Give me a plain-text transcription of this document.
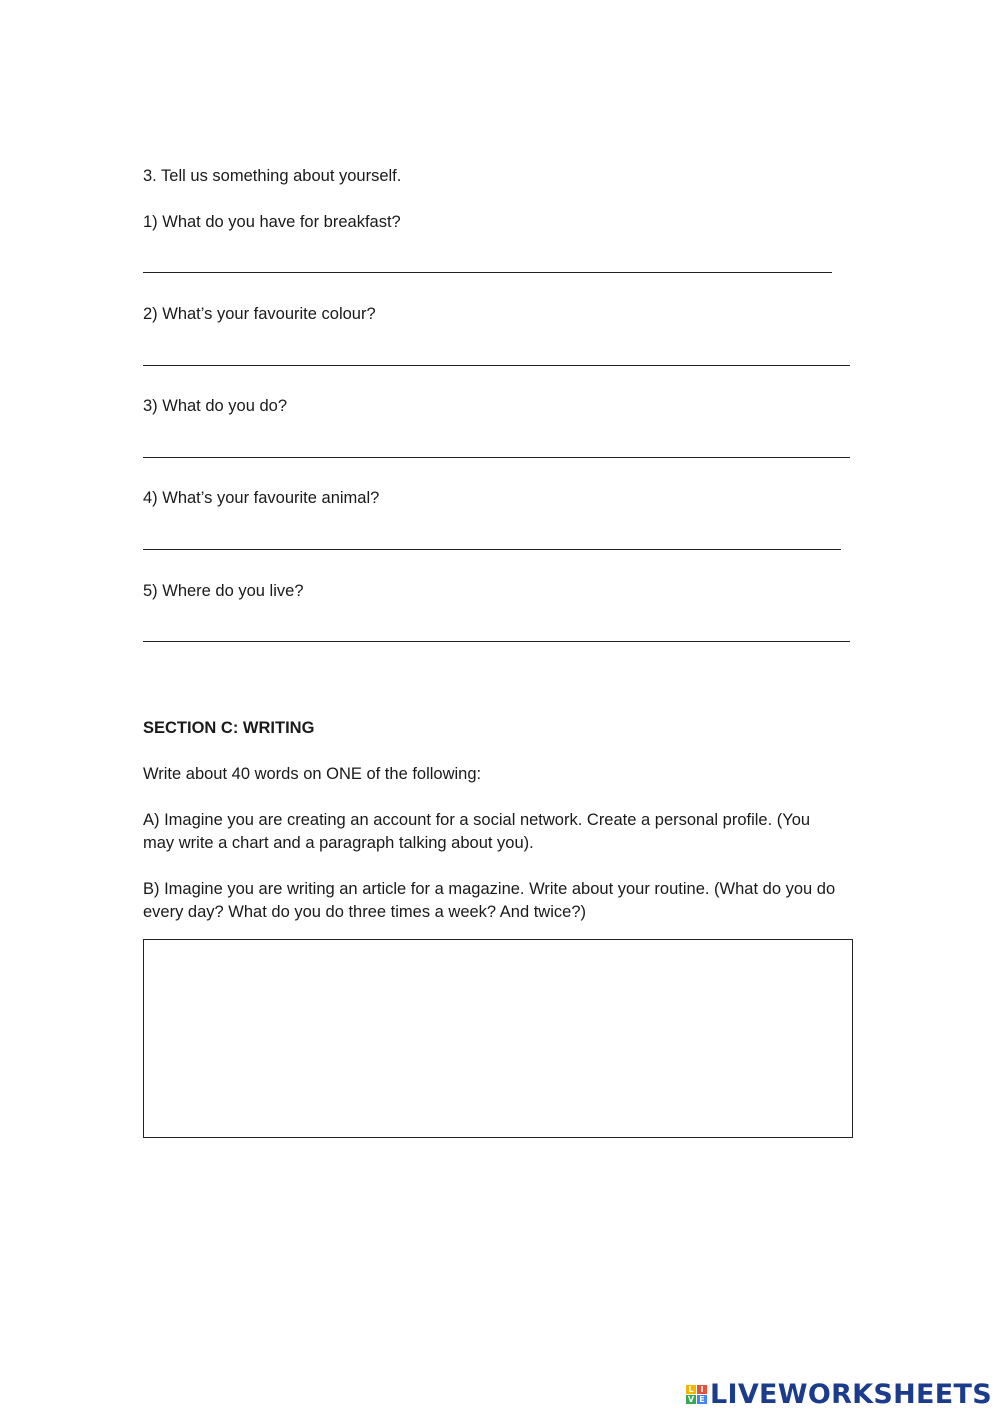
3. Tell us something about yourself.
1) What do you have for breakfast?
2) What’s your favourite colour?
3) What do you do?
4) What’s your favourite animal?
5) Where do you live?
SECTION C: WRITING
Write about 40 words on ONE of the following:
A) Imagine you are creating an account for a social network. Create a personal profile. (You may write a chart and a paragraph talking about you).
B) Imagine you are writing an article for a magazine. Write about your routine. (What do you do every day? What do you do three times a week? And twice?)
L I
V E LIVEWORKSHEETS
